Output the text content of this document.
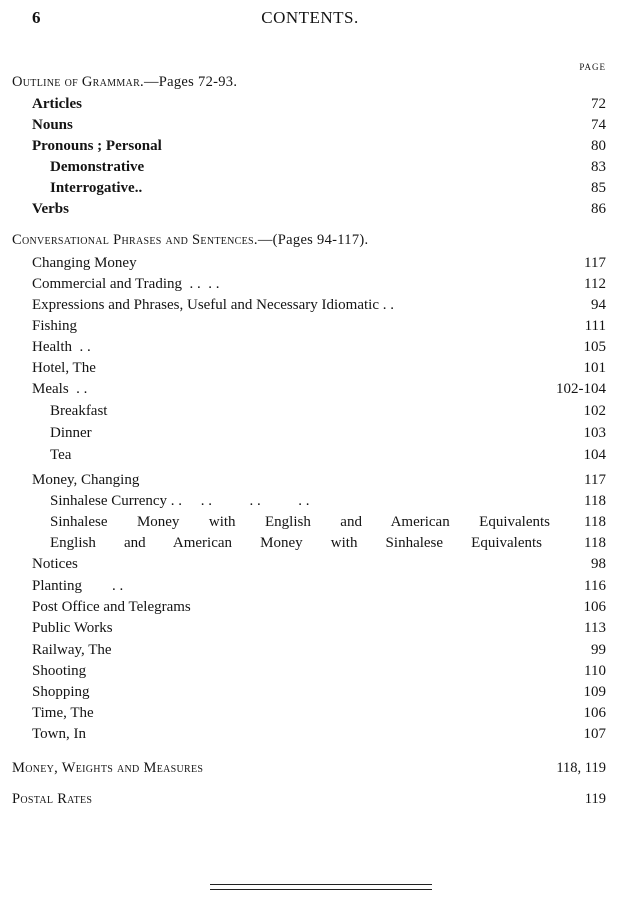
6	CONTENTS.
PAGE
Outline of Grammar.—Pages 72-93.
Articles	72
Nouns	74
Pronouns ; Personal	80
Demonstrative	83
Interrogative..	85
Verbs	86
Conversational Phrases and Sentences.—(Pages 94-117).
Changing Money	117
Commercial and Trading  . .  . .	112
Expressions and Phrases, Useful and Necessary Idiomatic . .	94
Fishing	111
Health  . .	105
Hotel, The	101
Meals  . .	102-104
Breakfast	102
Dinner	103
Tea	104
Money, Changing	117
Sinhalese Currency . .     . .          . .          . .	118
Sinhalese Money with English and American Equivalents 118
English and American Money with Sinhalese Equivalents	118
Notices	98
Planting        . .	116
Post Office and Telegrams	106
Public Works	113
Railway, The	99
Shooting	110
Shopping	109
Time, The	106
Town, In	107
Money, Weights and Measures	118, 119
Postal Rates	119
